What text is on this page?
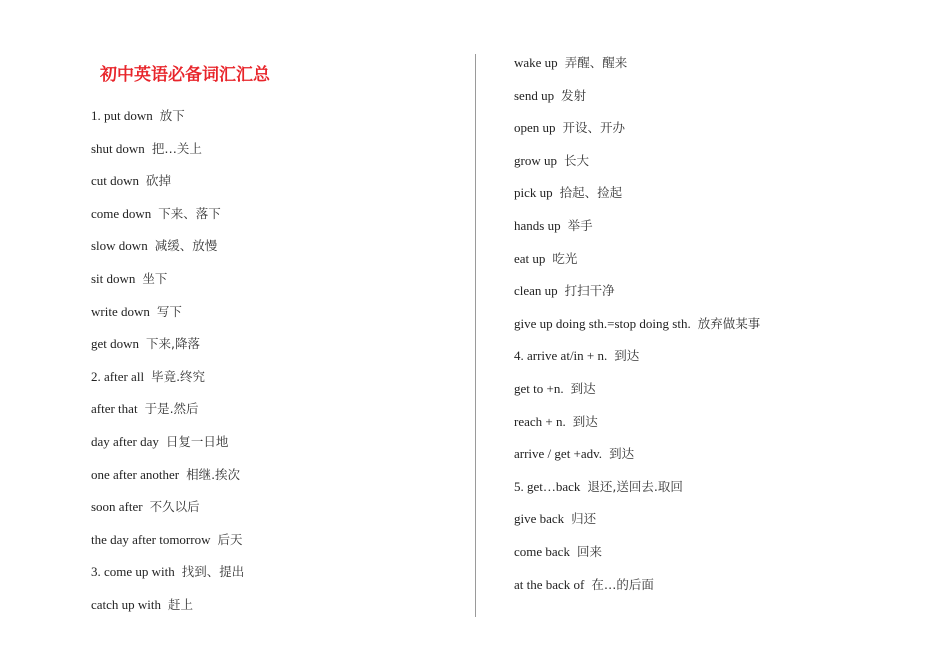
初中英语必备词汇汇总
1. put down 放下
shut down 把…关上
cut down 砍掉
come down 下来、落下
slow down 减缓、放慢
sit down 坐下
write down 写下
get down 下来,降落
2. after all 毕竟.终究
after that 于是.然后
day after day 日复一日地
one after another 相继.挨次
soon after 不久以后
the day after tomorrow 后天
3. come up with 找到、提出
catch up with 赶上
wake up 弄醒、醒来
send up 发射
open up 开设、开办
grow up 长大
pick up 拾起、捡起
hands up 举手
eat up 吃光
clean up 打扫干净
give up doing sth.=stop doing sth. 放弃做某事
4. arrive at/in + n. 到达
get to +n. 到达
reach + n. 到达
arrive / get +adv. 到达
5. get…back 退还,送回去.取回
give back 归还
come back 回来
at the back of 在…的后面
